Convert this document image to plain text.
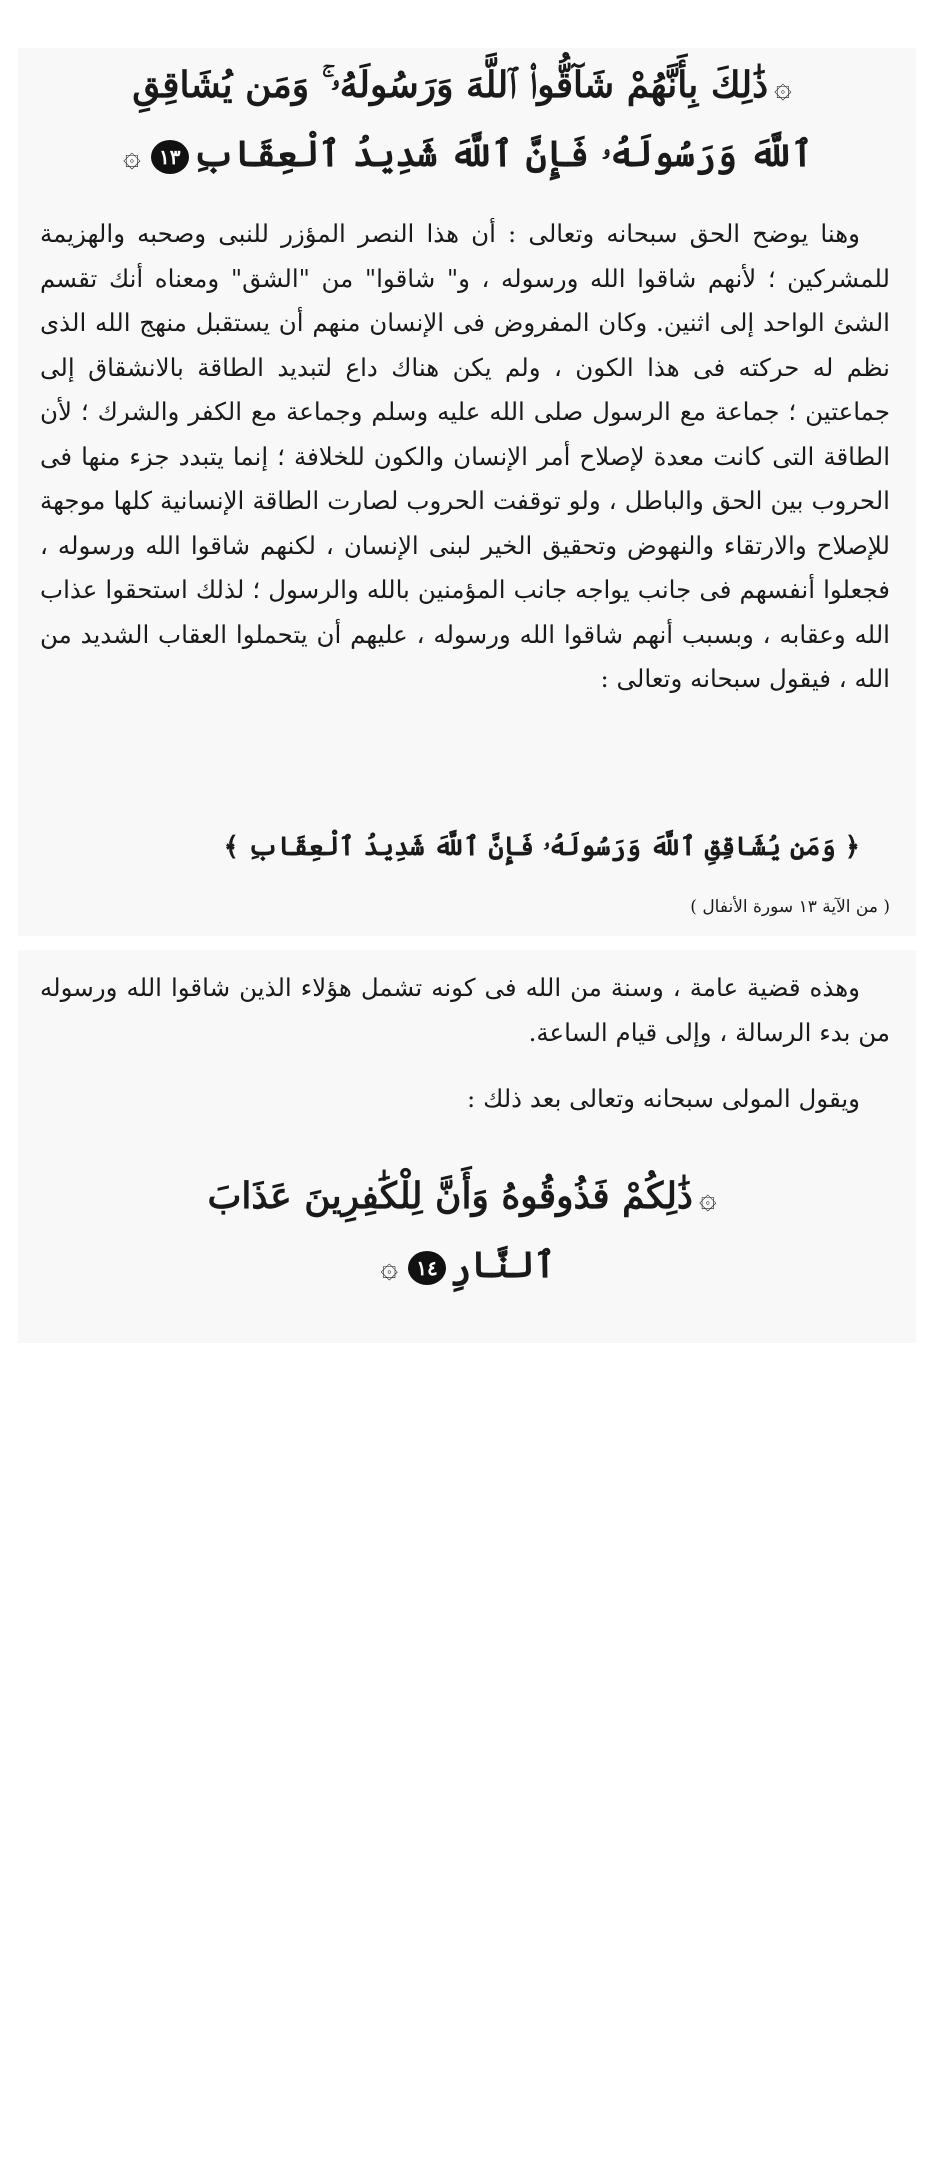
۞ذَٰلِكَ بِأَنَّهُمْ شَآقُّوا۟ ٱللَّهَ وَرَسُولَهُۥ ۚ وَمَن يُشَاقِقِ
ٱللَّهَ وَرَسُولَهُۥ فَإِنَّ ٱللَّهَ شَدِيدُ ٱلْعِقَابِ١٣۞

وهنا يوضح الحق سبحانه وتعالى : أن هذا النصر المؤزر للنبى وصحبه والهزيمة للمشركين ؛ لأنهم شاقوا الله ورسوله ، و" شاقوا" من "الشق" ومعناه أنك تقسم الشئ الواحد إلى اثنين. وكان المفروض فى الإنسان منهم أن يستقبل منهج الله الذى نظم له حركته فى هذا الكون ، ولم يكن هناك داع لتبديد الطاقة بالانشقاق إلى جماعتين ؛ جماعة مع الرسول صلى الله عليه وسلم وجماعة مع الكفر والشرك ؛ لأن الطاقة التى كانت معدة لإصلاح أمر الإنسان والكون للخلافة ؛ إنما يتبدد جزء منها فى الحروب بين الحق والباطل ، ولو توقفت الحروب لصارت الطاقة الإنسانية كلها موجهة للإصلاح والارتقاء والنهوض وتحقيق الخير لبنى الإنسان ، لكنهم شاقوا الله ورسوله ، فجعلوا أنفسهم فى جانب يواجه جانب المؤمنين بالله والرسول ؛ لذلك استحقوا عذاب الله وعقابه ، وبسبب أنهم شاقوا الله ورسوله ، عليهم أن يتحملوا العقاب الشديد من الله ، فيقول سبحانه وتعالى :

﴿ وَمَن يُشَاقِقِ ٱللَّهَ وَرَسُولَهُۥ فَإِنَّ ٱللَّهَ شَدِيدُ ٱلْعِقَابِ ﴾
( من الآية ١٣ سورة الأنفال )

وهذه قضية عامة ، وسنة من الله فى كونه تشمل هؤلاء الذين شاقوا الله ورسوله من بدء الرسالة ، وإلى قيام الساعة.

ويقول المولى سبحانه وتعالى بعد ذلك :

۞ذَٰلِكُمْ فَذُوقُوهُ وَأَنَّ لِلْكَٰفِرِينَ عَذَابَ
ٱلنَّارِ١٤۞
